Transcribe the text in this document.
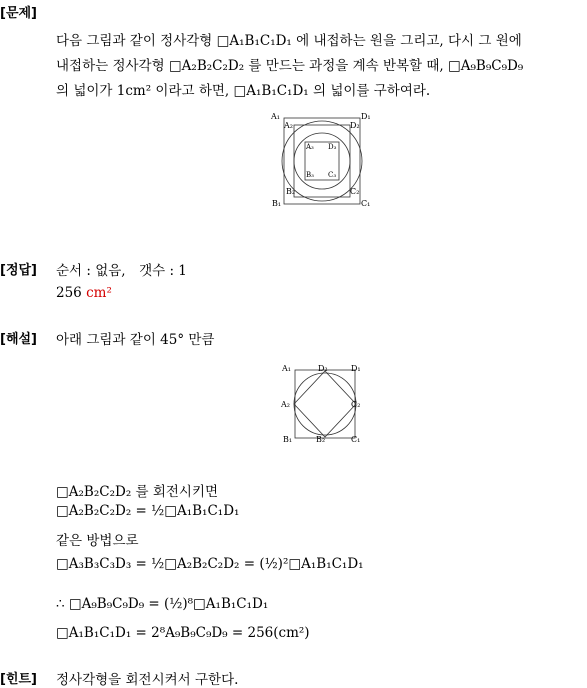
[문제]
다음 그림과 같이 정사각형 □A₁B₁C₁D₁ 에 내접하는 원을 그리고, 다시 그 원에
내접하는 정사각형 □A₂B₂C₂D₂ 를 만드는 과정을 계속 반복할 때, □A₉B₉C₉D₉
의 넓이가 1cm² 이라고 하면, □A₁B₁C₁D₁ 의 넓이를 구하여라.
A₁
B₁	C₁
D₁
A₂
B₂	C₂
D₂
A₃
B₃ C₃
D₃
[정답] 순서 : 없음,　갯수 : 1
256 cm²
[해설] 아래 그림과 같이 45° 만큼
A₁
B₁	C₁
D₁
A₂
B₂
C₂
D₂
□A₂B₂C₂D₂ 를 회전시키면
□A₂B₂C₂D₂ = ½□A₁B₁C₁D₁
같은 방법으로
□A₃B₃C₃D₃ = ½□A₂B₂C₂D₂ = (½)²□A₁B₁C₁D₁
∴ □A₉B₉C₉D₉ = (½)⁸□A₁B₁C₁D₁
□A₁B₁C₁D₁ = 2⁸A₉B₉C₉D₉ = 256(cm²)
[힌트] 정사각형을 회전시켜서 구한다.
